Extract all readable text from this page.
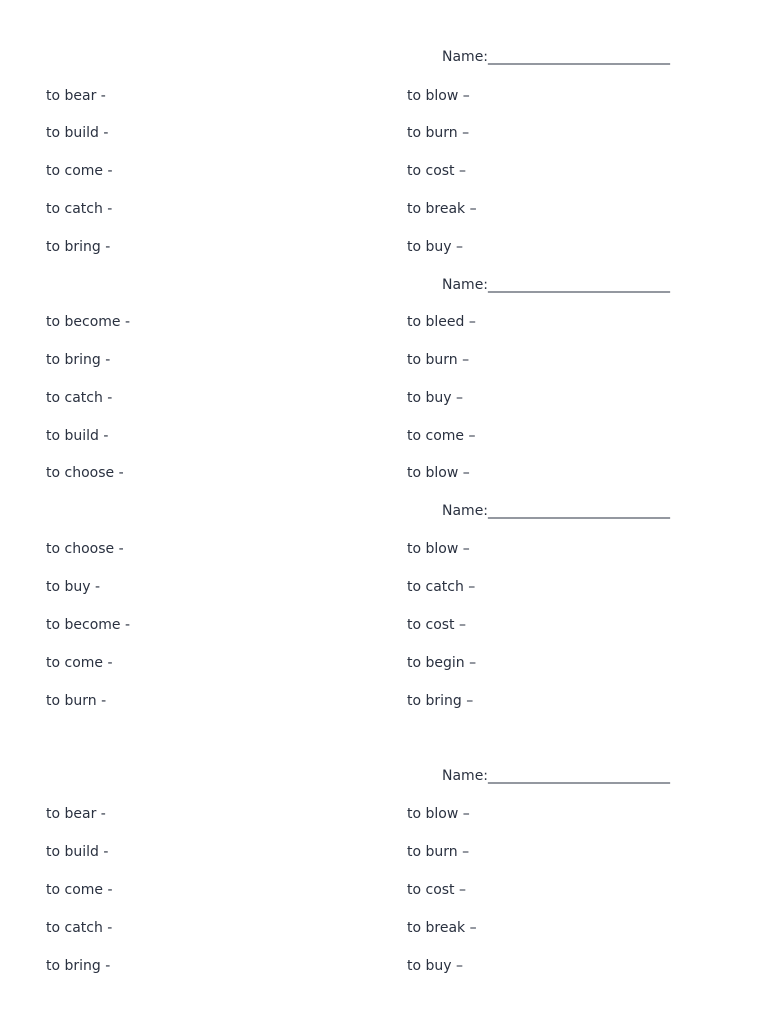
Name:__________________________
to bear -	to blow –
to build -	to burn –
to come -	to cost –
to catch -	to break –
to bring -	to buy –
Name:__________________________
to become -	to bleed –
to bring -	to burn –
to catch -	to buy –
to build -	to come –
to choose -	to blow –
Name:__________________________
to choose -	to blow –
to buy -	to catch –
to become -	to cost –
to come -	to begin –
to burn -	to bring –
Name:__________________________
to bear -	to blow –
to build -	to burn –
to come -	to cost –
to catch -	to break –
to bring -	to buy –
